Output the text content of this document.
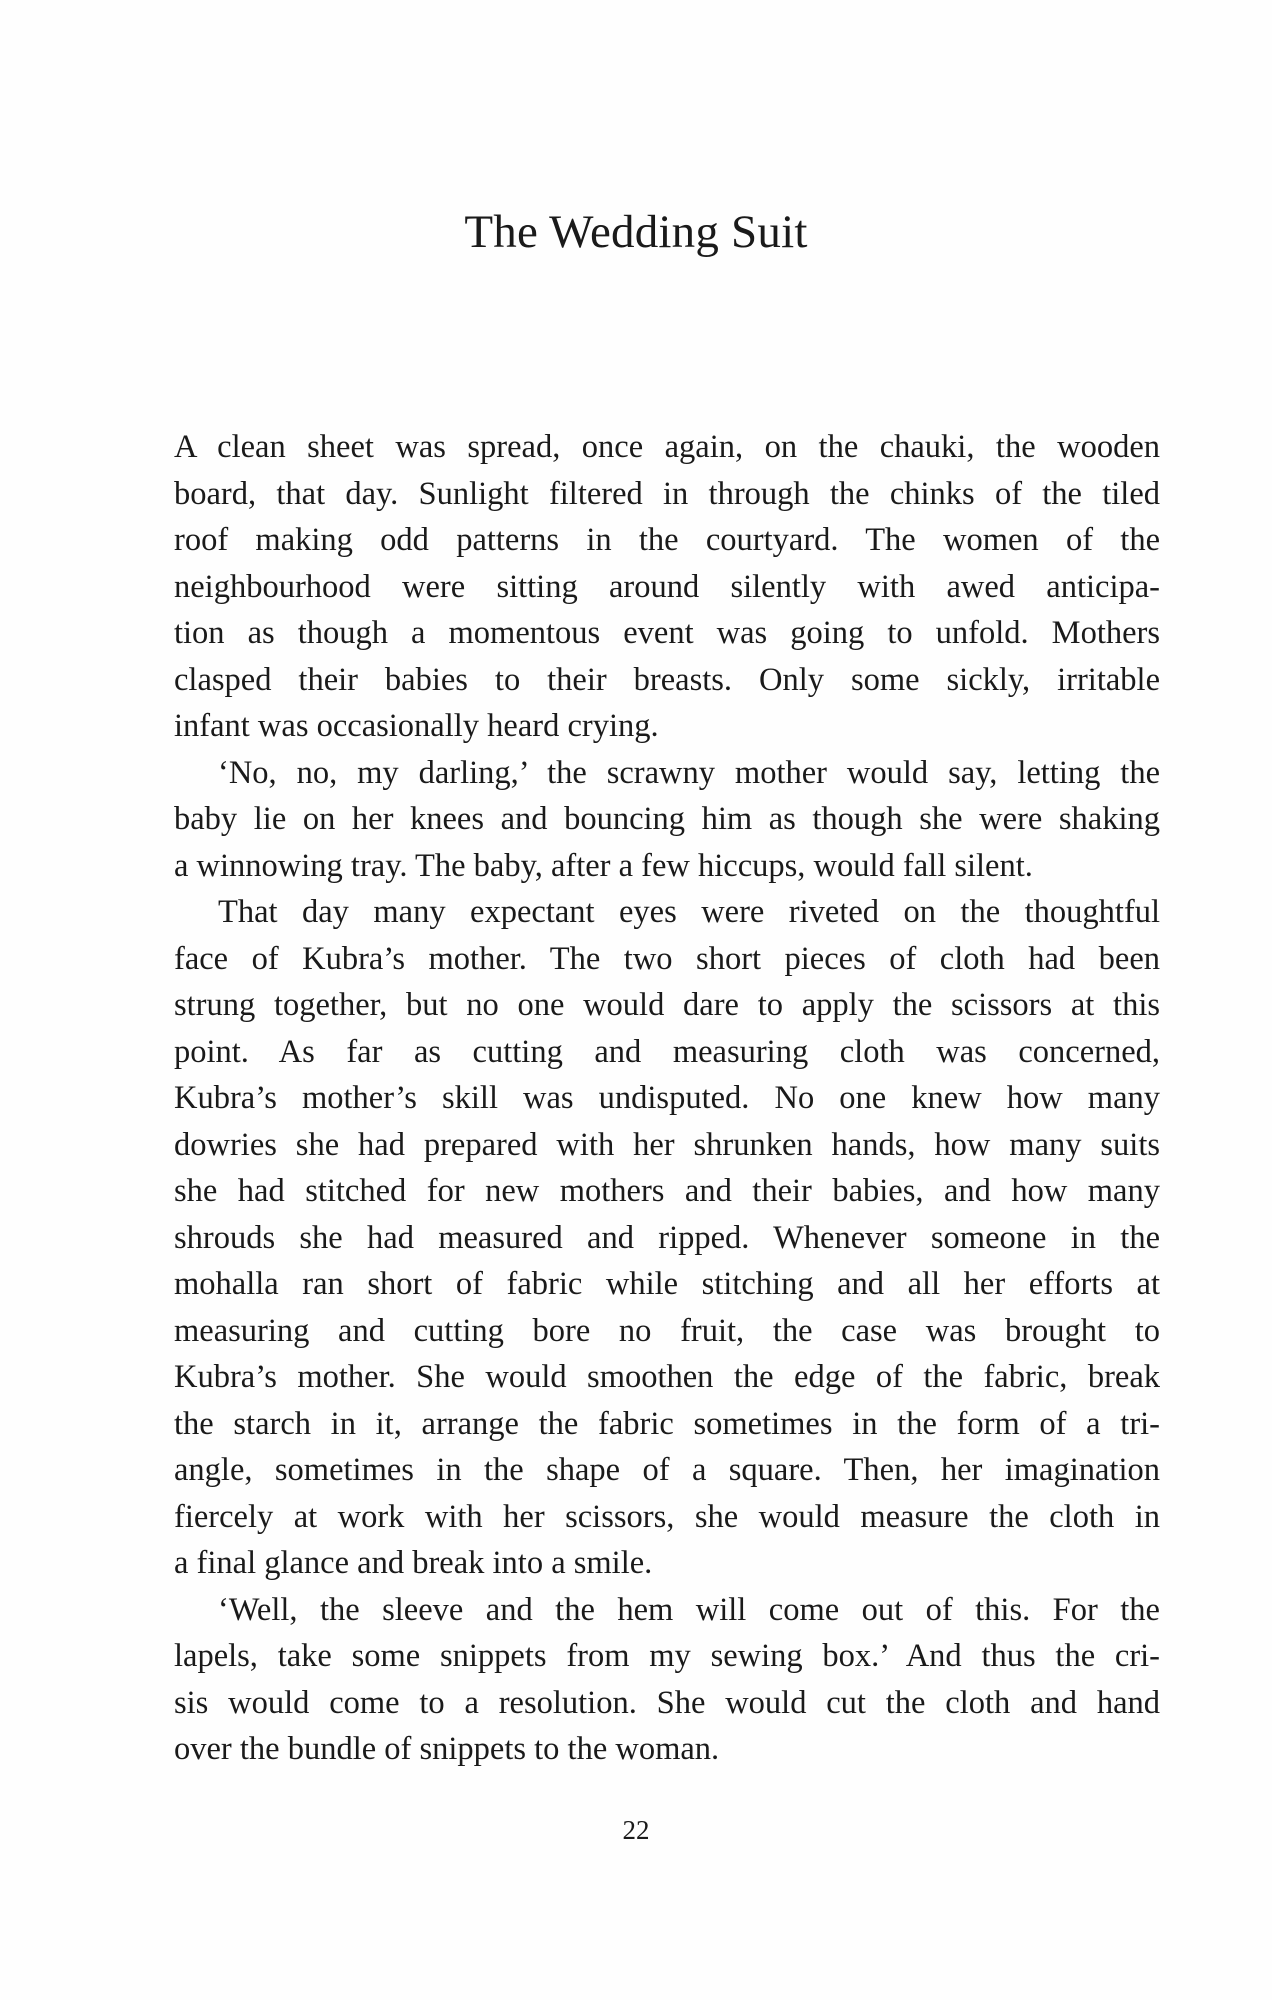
The Wedding Suit
A clean sheet was spread, once again, on the chauki, the wooden
board, that day. Sunlight filtered in through the chinks of the tiled
roof making odd patterns in the courtyard. The women of the
neighbourhood were sitting around silently with awed anticipa-
tion as though a momentous event was going to unfold. Mothers
clasped their babies to their breasts. Only some sickly, irritable
infant was occasionally heard crying.
‘No, no, my darling,’ the scrawny mother would say, letting the
baby lie on her knees and bouncing him as though she were shaking
a winnowing tray. The baby, after a few hiccups, would fall silent.
That day many expectant eyes were riveted on the thoughtful
face of Kubra’s mother. The two short pieces of cloth had been
strung together, but no one would dare to apply the scissors at this
point. As far as cutting and measuring cloth was concerned,
Kubra’s mother’s skill was undisputed. No one knew how many
dowries she had prepared with her shrunken hands, how many suits
she had stitched for new mothers and their babies, and how many
shrouds she had measured and ripped. Whenever someone in the
mohalla ran short of fabric while stitching and all her efforts at
measuring and cutting bore no fruit, the case was brought to
Kubra’s mother. She would smoothen the edge of the fabric, break
the starch in it, arrange the fabric sometimes in the form of a tri-
angle, sometimes in the shape of a square. Then, her imagination
fiercely at work with her scissors, she would measure the cloth in
a final glance and break into a smile.
‘Well, the sleeve and the hem will come out of this. For the
lapels, take some snippets from my sewing box.’ And thus the cri-
sis would come to a resolution. She would cut the cloth and hand
over the bundle of snippets to the woman.
22
